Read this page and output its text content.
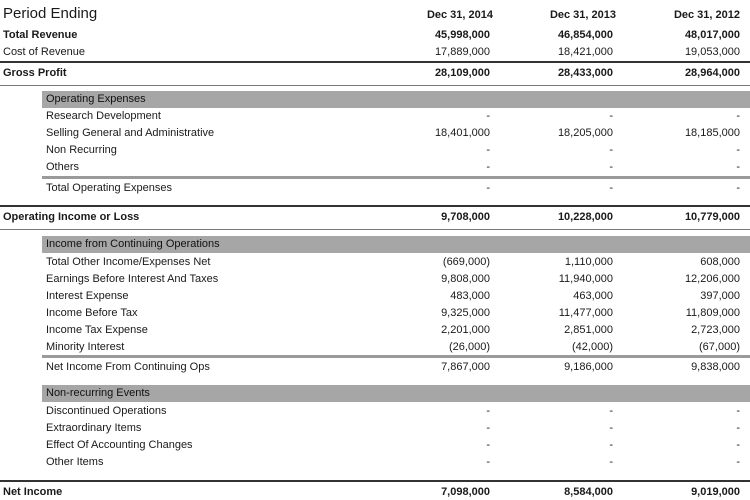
Period Ending	Dec 31, 2014	Dec 31, 2013	Dec 31, 2012
Total Revenue	45,998,000	46,854,000	48,017,000
Cost of Revenue	17,889,000	18,421,000	19,053,000
Gross Profit	28,109,000	28,433,000	28,964,000
Operating Expenses
Research Development	-	-	-
Selling General and Administrative	18,401,000	18,205,000	18,185,000
Non Recurring	-	-	-
Others	-	-	-
Total Operating Expenses	-	-	-
Operating Income or Loss	9,708,000	10,228,000	10,779,000
Income from Continuing Operations
Total Other Income/Expenses Net	(669,000)	1,110,000	608,000
Earnings Before Interest And Taxes	9,808,000	11,940,000	12,206,000
Interest Expense	483,000	463,000	397,000
Income Before Tax	9,325,000	11,477,000	11,809,000
Income Tax Expense	2,201,000	2,851,000	2,723,000
Minority Interest	(26,000)	(42,000)	(67,000)
Net Income From Continuing Ops	7,867,000	9,186,000	9,838,000
Non-recurring Events
Discontinued Operations	-	-	-
Extraordinary Items	-	-	-
Effect Of Accounting Changes	-	-	-
Other Items	-	-	-
Net Income	7,098,000	8,584,000	9,019,000
